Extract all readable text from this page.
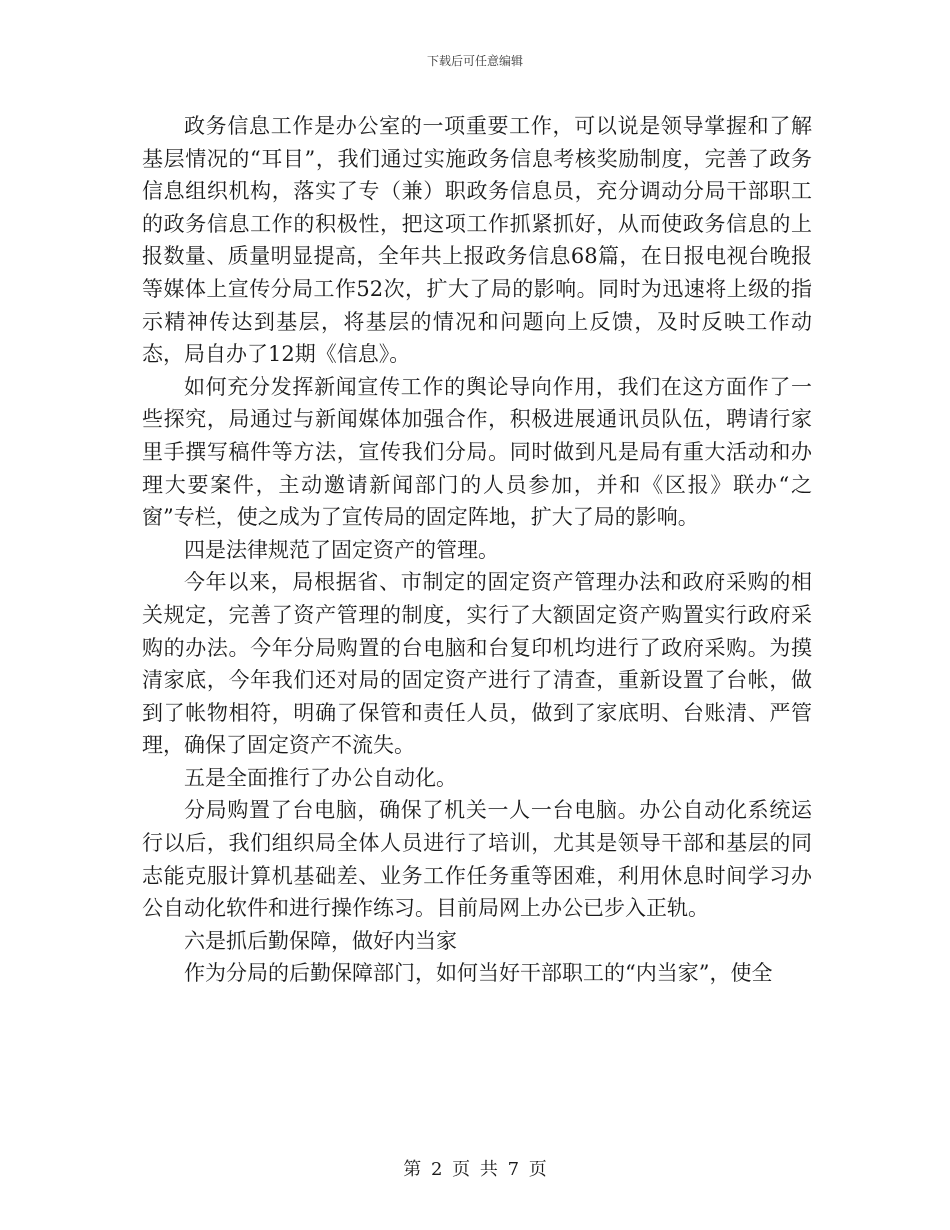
下载后可任意编辑

政务信息工作是办公室的一项重要工作，可以说是领导掌握和了解基层情况的“耳目”，我们通过实施政务信息考核奖励制度，完善了政务信息组织机构，落实了专（兼）职政务信息员，充分调动分局干部职工的政务信息工作的积极性，把这项工作抓紧抓好，从而使政务信息的上报数量、质量明显提高，全年共上报政务信息68篇，在日报电视台晚报等媒体上宣传分局工作52次，扩大了局的影响。同时为迅速将上级的指示精神传达到基层，将基层的情况和问题向上反馈，及时反映工作动态，局自办了12期《信息》。

如何充分发挥新闻宣传工作的舆论导向作用，我们在这方面作了一些探究，局通过与新闻媒体加强合作，积极进展通讯员队伍，聘请行家里手撰写稿件等方法，宣传我们分局。同时做到凡是局有重大活动和办理大要案件，主动邀请新闻部门的人员参加，并和《区报》联办“之窗”专栏，使之成为了宣传局的固定阵地，扩大了局的影响。

四是法律规范了固定资产的管理。

今年以来，局根据省、市制定的固定资产管理办法和政府采购的相关规定，完善了资产管理的制度，实行了大额固定资产购置实行政府采购的办法。今年分局购置的台电脑和台复印机均进行了政府采购。为摸清家底，今年我们还对局的固定资产进行了清查，重新设置了台帐，做到了帐物相符，明确了保管和责任人员，做到了家底明、台账清、严管理，确保了固定资产不流失。

五是全面推行了办公自动化。

分局购置了台电脑，确保了机关一人一台电脑。办公自动化系统运行以后，我们组织局全体人员进行了培训，尤其是领导干部和基层的同志能克服计算机基础差、业务工作任务重等困难，利用休息时间学习办公自动化软件和进行操作练习。目前局网上办公已步入正轨。

六是抓后勤保障，做好内当家

作为分局的后勤保障部门，如何当好干部职工的“内当家”，使全

第 2 页 共 7 页
